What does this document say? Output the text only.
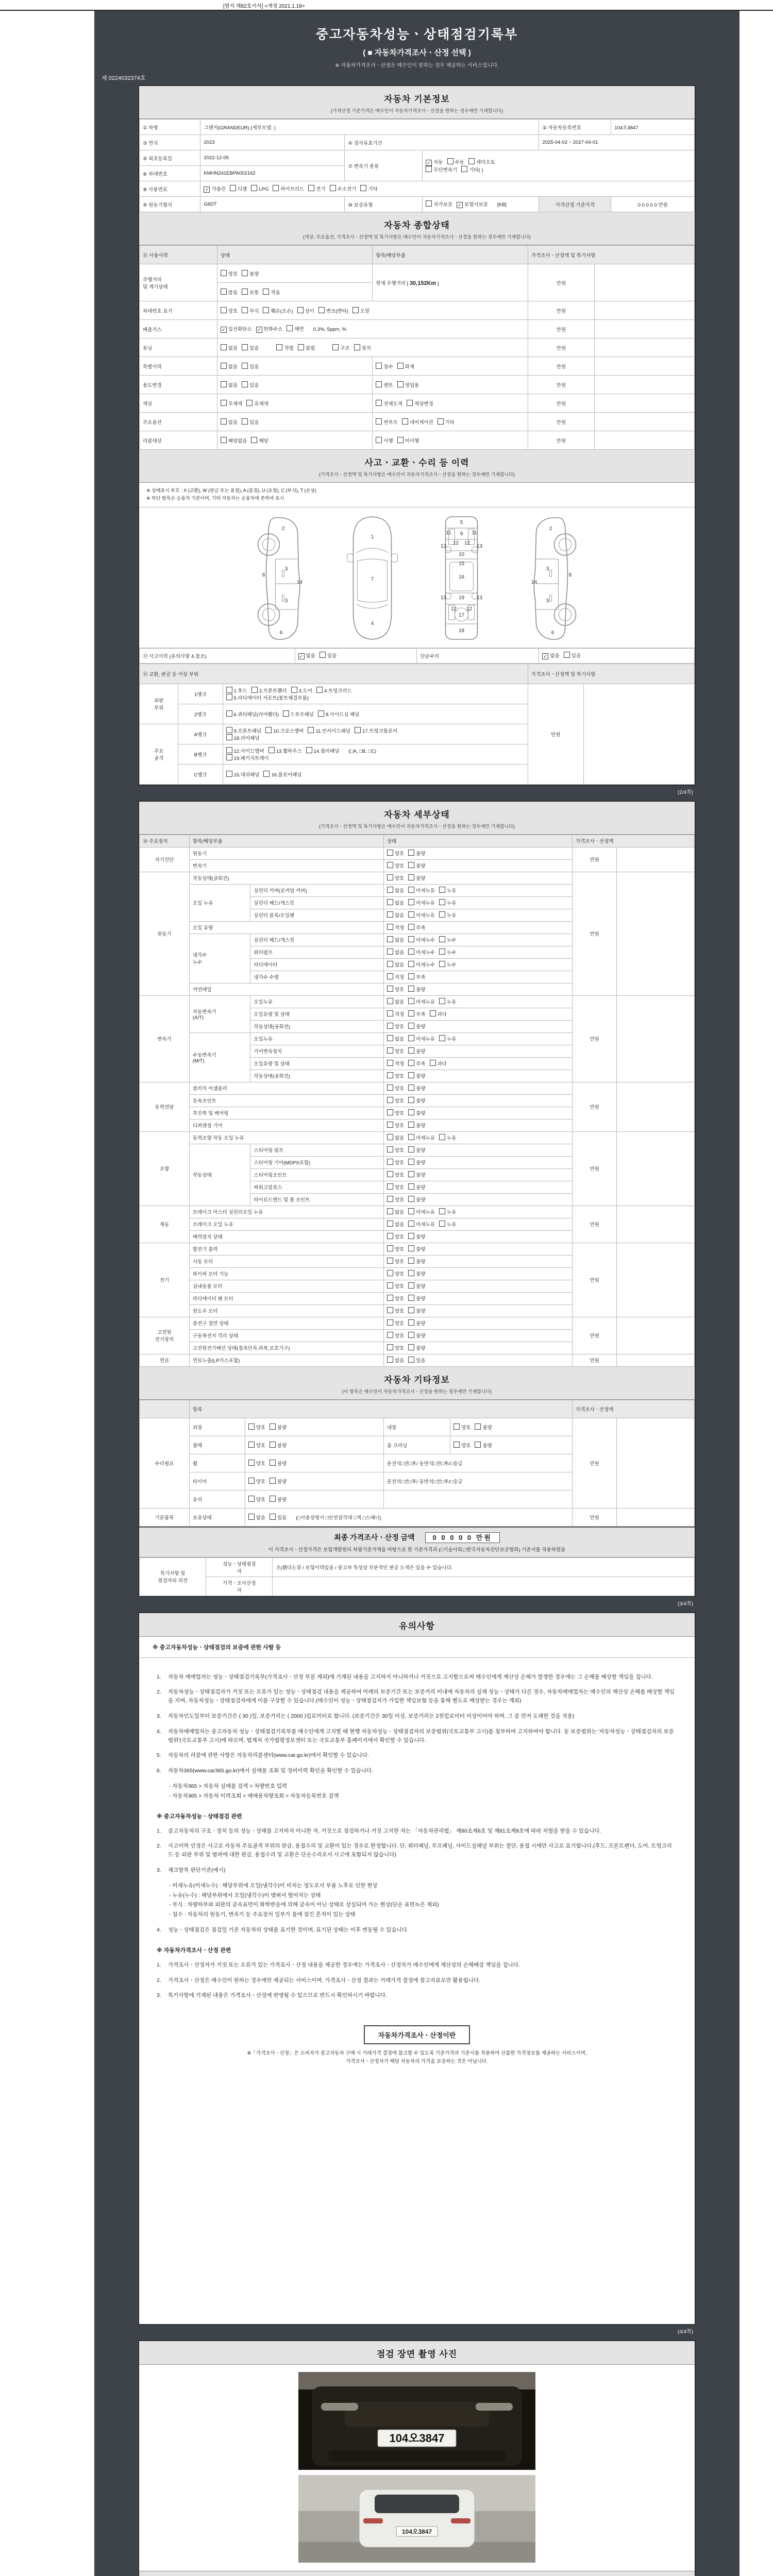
[별지 제82호서식] <개정 2021.1.19>
중고자동차성능ㆍ상태점검기록부
( ■ 자동차가격조사ㆍ산정 선택 )
※ 자동차가격조사ㆍ산정은 매수인이 원하는 경우 제공하는 서비스입니다.
제 0224032374호
자동차 기본정보
(가격산정 기준가격은 매수인이 자동차가격조사ㆍ산정을 원하는 경우에만 기재합니다)
① 차명	그랜저(GRANDEUR) (세부모델: )			② 자동차등록번호	104오3847
③ 연식	2023	④ 검사유효기간		2025-04-02 ~ 2027-04-01	
⑤ 최초등록일	2022-12-05	⑦ 변속기 종류	✓ 자동 수동 세미오토
무단변속기 기타( )		

⑥ 차대번호	KMHN241EBPA002162				
⑧ 사용연료	✓ 가솔린 디젤 LPG 하이브리드 전기 수소전기 기타				
⑨ 원동기형식	G6DT	⑩ 보증유형	자가보증 ✓ 보험사보증 [KB]	가격산정 기준가격	0 0 0 0 0 만원
자동차 종합상태
(색상, 주요옵션, 가격조사ㆍ산정액 및 특기사항은 매수인이 자동차가격조사ㆍ산정을 원하는 경우에만 기재합니다)
⑪ 사용이력	상태	항목/해당부품	가격조사ㆍ산정액 및 특기사항	
주행거리
및 계기상태	양호 불량	현재 주행거리 [ 30,152Km ]	만원	
	많음 보통 적음			
차대번호 표기	양호 부식 훼손(오손) 상이 변조(변타) 도말		만원	
배출가스	✓ 일산화탄소 ✓ 탄화수소 매연 0.3%, 5ppm, %		만원	
튜닝	없음 있음 적법 불법 구조 장치		만원	
특별이력	없음 있음	침수 화재	만원	
용도변경	없음 있음	렌트 영업용	만원	
색상	무채색 유채색	전체도색 색상변경	만원	
주요옵션	없음 있음	썬루프 네비게이션 기타	만원	
리콜대상	해당없음 해당	이행 미이행	만원	
사고ㆍ교환ㆍ수리 등 이력
(가격조사ㆍ산정액 및 특기사항은 매수인이 자동차가격조사ㆍ산정을 원하는 경우에만 기재합니다)
※ 상태표시 부호 : X (교환), W (판금 또는 용접), A (흠집), U (요철), C (부식), T (손상)
※ 하단 항목은 승용차 기준이며, 기타 자동차는 승용차에 준하여 표시
2
8
3
14
3
6
1
7
4
5
9
11	11
13	13
12 12
10
15
16
13	13
19
12 12
17
18
2
8
3
14
3
6
⑫ 사고이력 (유의사항 4.참조)	✓ 없음 있음	단순수리	✓ 없음 있음
⑬ 교환, 판금 등 이상 부위			가격조사ㆍ산정액 및 특기사항	
외판
부위	1랭크	
1.후드 2.프론트휀더 3.도어 4.트렁크리드
5.라디에이터 서포트(볼트체결부품)
	만원	
	2랭크	6.쿼터패널(리어휀더) 7.루프패널 8.사이드실 패널		
주요
골격	A랭크	
9.프론트패널 10.크로스멤버 11.인사이드패널 17.트렁크플로어
18.리어패널

	B랭크	12.사이드멤버 13.휠하우스 14.필러패널 (□A, □B, □C)
19.패키지트레이		

	C랭크	15.대쉬패널 16.플로어패널		
(2/4쪽)
자동차 세부상태
(가격조사ㆍ산정액 및 특기사항은 매수인이 자동차가격조사ㆍ산정을 원하는 경우에만 기재합니다)
⑭ 주요장치	항목/해당부품		상태	가격조사ㆍ산정액	
자기진단	원동기		양호 불량	만원	
	변속기		양호 불량		
원동기	작동상태(공회전)		양호 불량	만원	
	오일 누유	실린더 커버(로커암 커버)	없음 미세누유 누유		
		실린더 헤드/개스킷	없음 미세누유 누유		
		실린더 블록/오일팬	없음 미세누유 누유		
	오일 유량		적정 부족		
	냉각수
누수	실린더 헤드/개스킷	없음 미세누수 누수		
		워터펌프	없음 미세누수 누수		
		라디에이터	없음 미세누수 누수		
		냉각수 수량	적정 부족		
	커먼레일		양호 불량		
변속기	자동변속기
(A/T)	오일누유	없음 미세누유 누유	만원	
		오일유량 및 상태	적정 부족 과다		
		작동상태(공회전)	양호 불량		
	수동변속기
(M/T)	오일누유	없음 미세누유 누유		
		기어변속장치	양호 불량		
		오일유량 및 상태	적정 부족 과다		
		작동상태(공회전)	양호 불량		
동력전달	클러치 어셈블리		양호 불량	만원	
	등속조인트		양호 불량		
	추진축 및 베어링		양호 불량		
	디퍼렌셜 기어		양호 불량		
조향	동력조향 작동 오일 누유		없음 미세누유 누유	만원	
	작동상태	스티어링 펌프	양호 불량		
		스티어링 기어(MDPS포함)	양호 불량		
		스티어링조인트	양호 불량		
		파워고압호스	양호 불량		
		타이로드엔드 및 볼 조인트	양호 불량		
제동	브레이크 마스터 실린더오일 누유		없음 미세누유 누유	만원	
	브레이크 오일 누유		없음 미세누유 누유		
	배력장치 상태		양호 불량		
전기	발전기 출력		양호 불량	만원	
	시동 모터		양호 불량		
	와이퍼 모터 기능		양호 불량		
	실내송풍 모터		양호 불량		
	라디에이터 팬 모터		양호 불량		
	윈도우 모터		양호 불량		
고전원
전기장치	충전구 절연 상태		양호 불량	만원	
	구동축전지 격리 상태		양호 불량		
	고전원전기배선 상태(접속단자,피복,보호기구)		양호 불량		
연료	연료누출(LP가스포함)		없음 있음	만원	
자동차 기타정보
(이 항목은 매수인이 자동차가격조사ㆍ산정을 원하는 경우에만 기재합니다)
	항목				가격조사ㆍ산정액	
수리필요	외장	양호 불량	내장	양호 불량	만원	
	광택	양호 불량	룸 크리닝	양호 불량		
	휠	양호 불량	운전석□전□후/ 동반석□전□후/□응급			
	타이어	양호 불량	운전석□전□후/ 동반석□전□후/□응급			
	유리	양호 불량				
기본품목	보유상태	없음 있음 (□사용설명서 □안전삼각대 □잭 □스패너)			만원	
최종 가격조사ㆍ산정 금액	0 0 0 0 0 만원
이 가격조사ㆍ산정가격은 보험개발원의 차량기준가액을 바탕으로 한 기준가격과 (□기술사회,□한국자동차진단보증협회) 기준서를 적용하였음
특기사항 및
점검자의 의견	성능ㆍ상태점검
자	조)휀다도장 / 보험이력있음 / 중고차 특성상 부분적인 판금 도색은 있을 수 있습니다.
	가격ㆍ조사산정
자	
(3/4쪽)
유의사항
※ 중고자동차성능ㆍ상태점검의 보증에 관한 사항 등
1.	자동차 매매업자는 성능ㆍ상태점검기록부(가격조사ㆍ산정 부분 제외)에 기재된 내용을 고지하지 아니하거나 거짓으로 고지함으로써 매수인에게 재산상 손해가 발생한 경우에는 그 손해를 배상할 책임을 집니다.
2.	자동차성능ㆍ상태점검자가 거짓 또는 오류가 있는 성능ㆍ상태점검 내용을 제공하여 아래의 보증기간 또는 보증거리 이내에 자동차의 실제 성능ㆍ상태가 다른 경우, 자동차매매업자는 매수인의 재산상 손해를 배상할 책임을 지며, 자동차성능ㆍ상태점검자에게 이를 구상할 수 있습니다.(매수인이 성능ㆍ상태점검자가 가입한 책임보험 등을 통해 별도로 배상받는 경우는 제외)
3.	자동차인도일부터 보증기간은 ( 30 )일, 보증거리는 ( 2000 )킬로미터로 합니다. (보증기간은 30일 이상, 보증거리는 2천킬로미터 이상이어야 하며, 그 중 먼저 도래한 것을 적용)
4.	자동차매매업자는 중고자동차 성능ㆍ상태점검기록부를 매수인에게 고지할 때 현행 자동차성능ㆍ상태점검자의 보증범위(국토교통부 고시)를 첨부하여 고지하여야 합니다. 동 보증범위는 '자동차성능ㆍ상태점검자의 보증범위'(국토교통부 고시)에 따르며, 법제처 국가법령정보센터 또는 국토교통부 홈페이지에서 확인할 수 있습니다.
5.	자동차의 리콜에 관한 사항은 자동차리콜센터(www.car.go.kr)에서 확인할 수 있습니다.
6.	자동차365(www.car365.go.kr)에서 실매물 조회 및 정비이력 확인을 확인할 수 있습니다.
- 자동차365 > 자동차 실매물 검색 > 차량번호 입력
- 자동차365 > 자동차 이력조회 > 매매용차량조회 > 자동차등록번호 검색
※ 중고자동차성능ㆍ상태점검 관련
1.	중고자동차의 구조ㆍ장치 등의 성능ㆍ상태를 고지하지 아니한 자, 거짓으로 점검하거나 거짓 고지한 자는 「자동차관리법」 제80조제6호 및 제81조제9호에 따라 처벌을 받을 수 있습니다.
2.	사고이력 인정은 사고로 자동차 주요골격 부위의 판금, 용접수리 및 교환이 있는 경우로 한정합니다. 단, 쿼터패널, 루프패널, 사이드실패널 부위는 절단, 용접 시에만 사고로 표기합니다.(후드, 프론트펜더, 도어, 트렁크리드 등 외판 부위 및 범퍼에 대한 판금, 용접수리 및 교환은 단순수리로서 사고에 포함되지 않습니다)
3.	체크항목 판단기준(예시)
- 미세누유(미세누수) : 해당부위에 오일(냉각수)이 비치는 정도로서 부품 노후로 인한 현상
- 누유(누수) : 해당부위에서 오일(냉각수)이 맺혀서 떨어지는 상태
- 부식 : 차량하부와 외판의 금속표면이 화학반응에 의해 금속이 아닌 상태로 상실되어 가는 현상(단순 표면녹은 제외)
- 침수 : 자동차의 원동기, 변속기 등 주요장치 일부가 물에 잠긴 흔적이 있는 상태
4.	성능ㆍ상태점검은 점검일 기준 자동차의 상태를 표기한 것이며, 표기된 상태는 이후 변동될 수 있습니다.
※ 자동차가격조사ㆍ산정 관련
1.	가격조사ㆍ산정자가 거짓 또는 오류가 있는 가격조사ㆍ산정 내용을 제공한 경우에는 가격조사ㆍ산정자가 매수인에게 재산상의 손해배상 책임을 집니다.
2.	가격조사ㆍ산정은 매수인이 원하는 경우에만 제공되는 서비스이며, 가격조사ㆍ산정 결과는 거래가격 결정에 참고자료로만 활용됩니다.
3.	특기사항에 기재된 내용은 가격조사ㆍ산정에 반영될 수 있으므로 반드시 확인하시기 바랍니다.
자동차가격조사ㆍ산정이란
※「가격조사ㆍ산정」은 소비자가 중고자동차 구매 시 거래가격 결정에 참고할 수 있도록 기준가격과 기준서를 적용하여 산출한 가격정보를 제공하는 서비스이며,
가격조사ㆍ산정자가 해당 자동차의 가격을 보증하는 것은 아닙니다.
(4/4쪽)
점검 장면 촬영 사진
104오3847
104오3847
